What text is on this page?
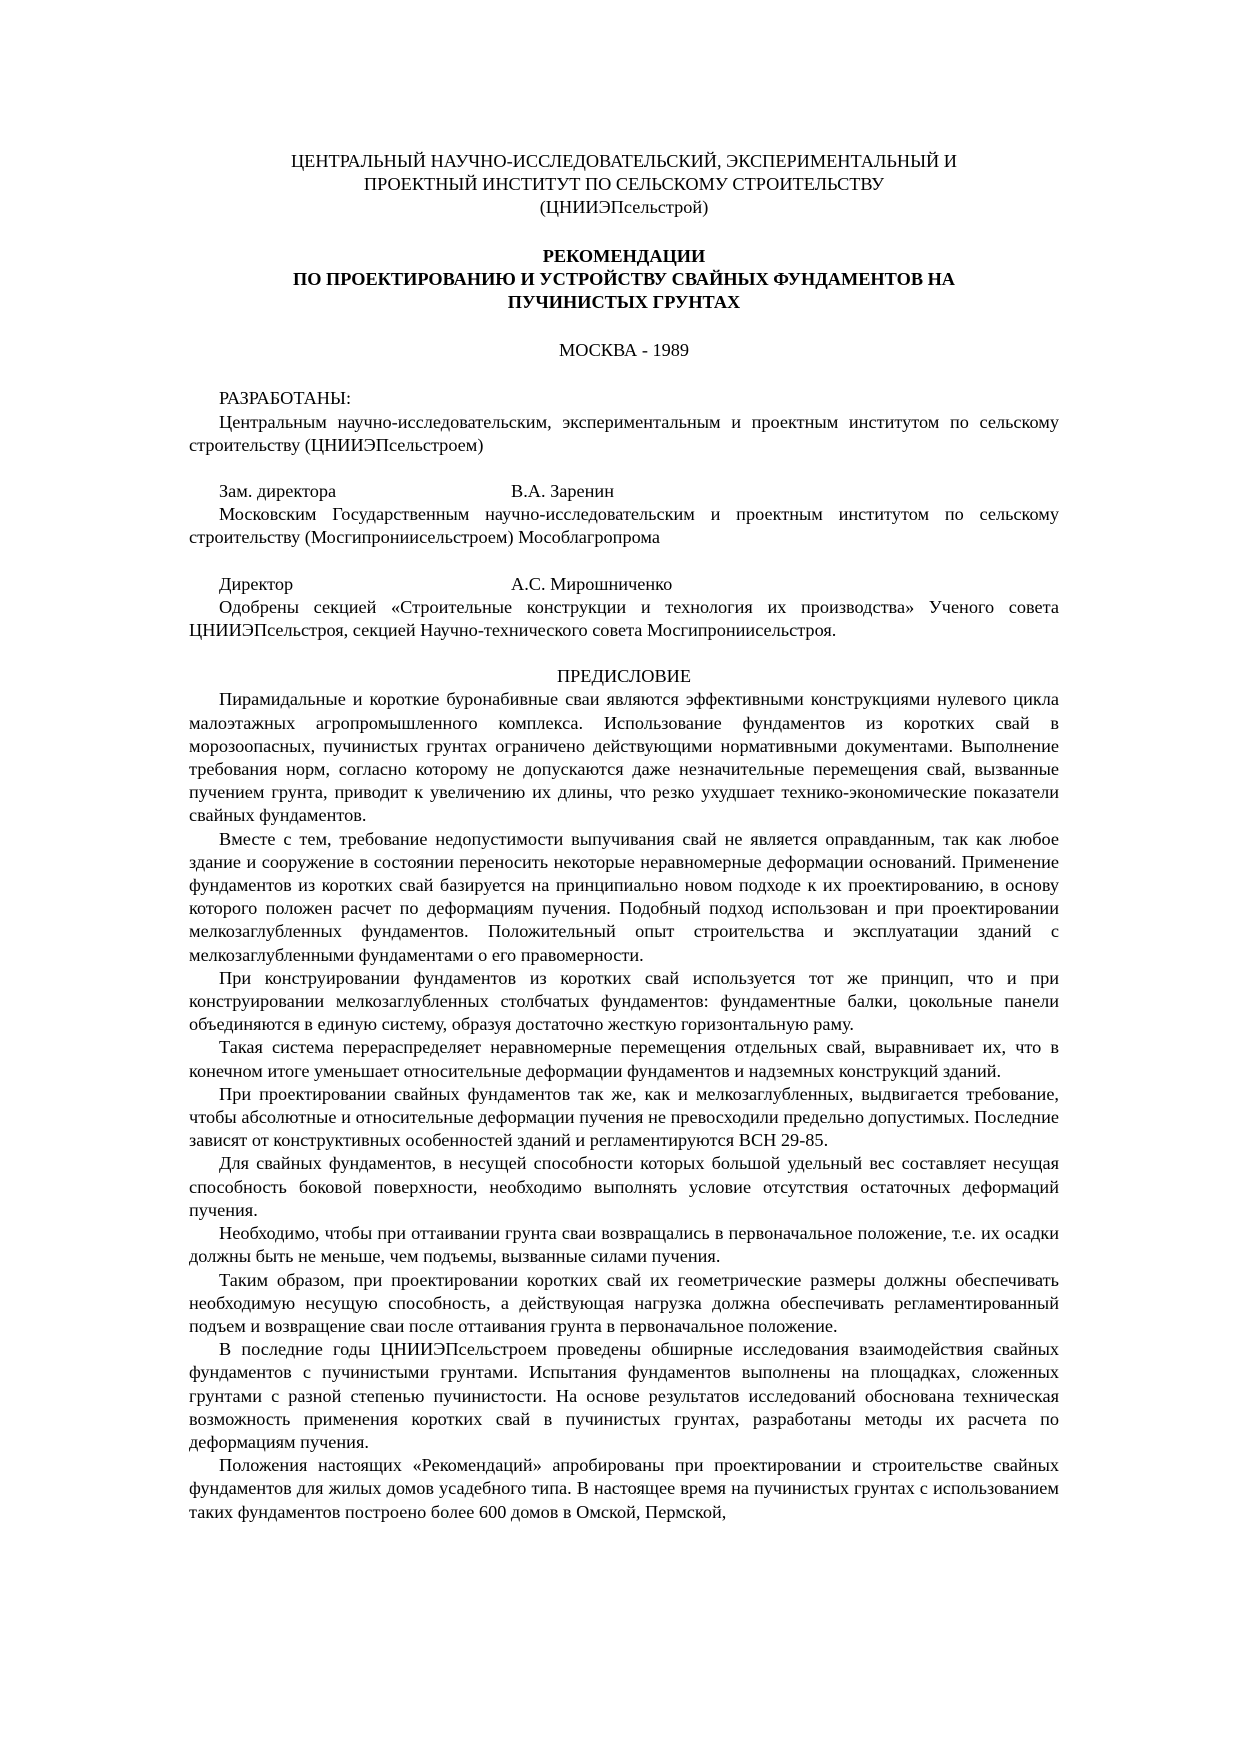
ЦЕНТРАЛЬНЫЙ НАУЧНО-ИССЛЕДОВАТЕЛЬСКИЙ, ЭКСПЕРИМЕНТАЛЬНЫЙ И

ПРОЕКТНЫЙ ИНСТИТУТ ПО СЕЛЬСКОМУ СТРОИТЕЛЬСТВУ

(ЦНИИЭПсельстрой)

РЕКОМЕНДАЦИИ

ПО ПРОЕКТИРОВАНИЮ И УСТРОЙСТВУ СВАЙНЫХ ФУНДАМЕНТОВ НА

ПУЧИНИСТЫХ ГРУНТАХ

МОСКВА - 1989

РАЗРАБОТАНЫ:

Центральным научно-исследовательским, экспериментальным и проектным институтом по сельскому строительству (ЦНИИЭПсельстроем)

Зам. директора	В.А. Заренин

Московским Государственным научно-исследовательским и проектным институтом по сельскому строительству (Мосгипрониисельстроем) Мособлагропрома

Директор	А.С. Мирошниченко

Одобрены секцией «Строительные конструкции и технология их производства» Ученого совета ЦНИИЭПсельстроя, секцией Научно-технического совета Мосгипрониисельстроя.

ПРЕДИСЛОВИЕ

Пирамидальные и короткие буронабивные сваи являются эффективными конструкциями нулевого цикла малоэтажных агропромышленного комплекса. Использование фундаментов из коротких свай в морозоопасных, пучинистых грунтах ограничено действующими нормативными документами. Выполнение требования норм, согласно которому не допускаются даже незначительные перемещения свай, вызванные пучением грунта, приводит к увеличению их длины, что резко ухудшает технико-экономические показатели свайных фундаментов.

Вместе с тем, требование недопустимости выпучивания свай не является оправданным, так как любое здание и сооружение в состоянии переносить некоторые неравномерные деформации оснований. Применение фундаментов из коротких свай базируется на принципиально новом подходе к их проектированию, в основу которого положен расчет по деформациям пучения. Подобный подход использован и при проектировании мелкозаглубленных фундаментов. Положительный опыт строительства и эксплуатации зданий с мелкозаглубленными фундаментами о его правомерности.

При конструировании фундаментов из коротких свай используется тот же принцип, что и при конструировании мелкозаглубленных столбчатых фундаментов: фундаментные балки, цокольные панели объединяются в единую систему, образуя достаточно жесткую горизонтальную раму.

Такая система перераспределяет неравномерные перемещения отдельных свай, выравнивает их, что в конечном итоге уменьшает относительные деформации фундаментов и надземных конструкций зданий.

При проектировании свайных фундаментов так же, как и мелкозаглубленных, выдвигается требование, чтобы абсолютные и относительные деформации пучения не превосходили предельно допустимых. Последние зависят от конструктивных особенностей зданий и регламентируются ВСН 29-85.

Для свайных фундаментов, в несущей способности которых большой удельный вес составляет несущая способность боковой поверхности, необходимо выполнять условие отсутствия остаточных деформаций пучения.

Необходимо, чтобы при оттаивании грунта сваи возвращались в первоначальное положение, т.е. их осадки должны быть не меньше, чем подъемы, вызванные силами пучения.

Таким образом, при проектировании коротких свай их геометрические размеры должны обеспечивать необходимую несущую способность, а действующая нагрузка должна обеспечивать регламентированный подъем и возвращение сваи после оттаивания грунта в первоначальное положение.

В последние годы ЦНИИЭПсельстроем проведены обширные исследования взаимодействия свайных фундаментов с пучинистыми грунтами. Испытания фундаментов выполнены на площадках, сложенных грунтами с разной степенью пучинистости. На основе результатов исследований обоснована техническая возможность применения коротких свай в пучинистых грунтах, разработаны методы их расчета по деформациям пучения.

Положения настоящих «Рекомендаций» апробированы при проектировании и строительстве свайных фундаментов для жилых домов усадебного типа. В настоящее время на пучинистых грунтах с использованием таких фундаментов построено более 600 домов в Омской, Пермской,
